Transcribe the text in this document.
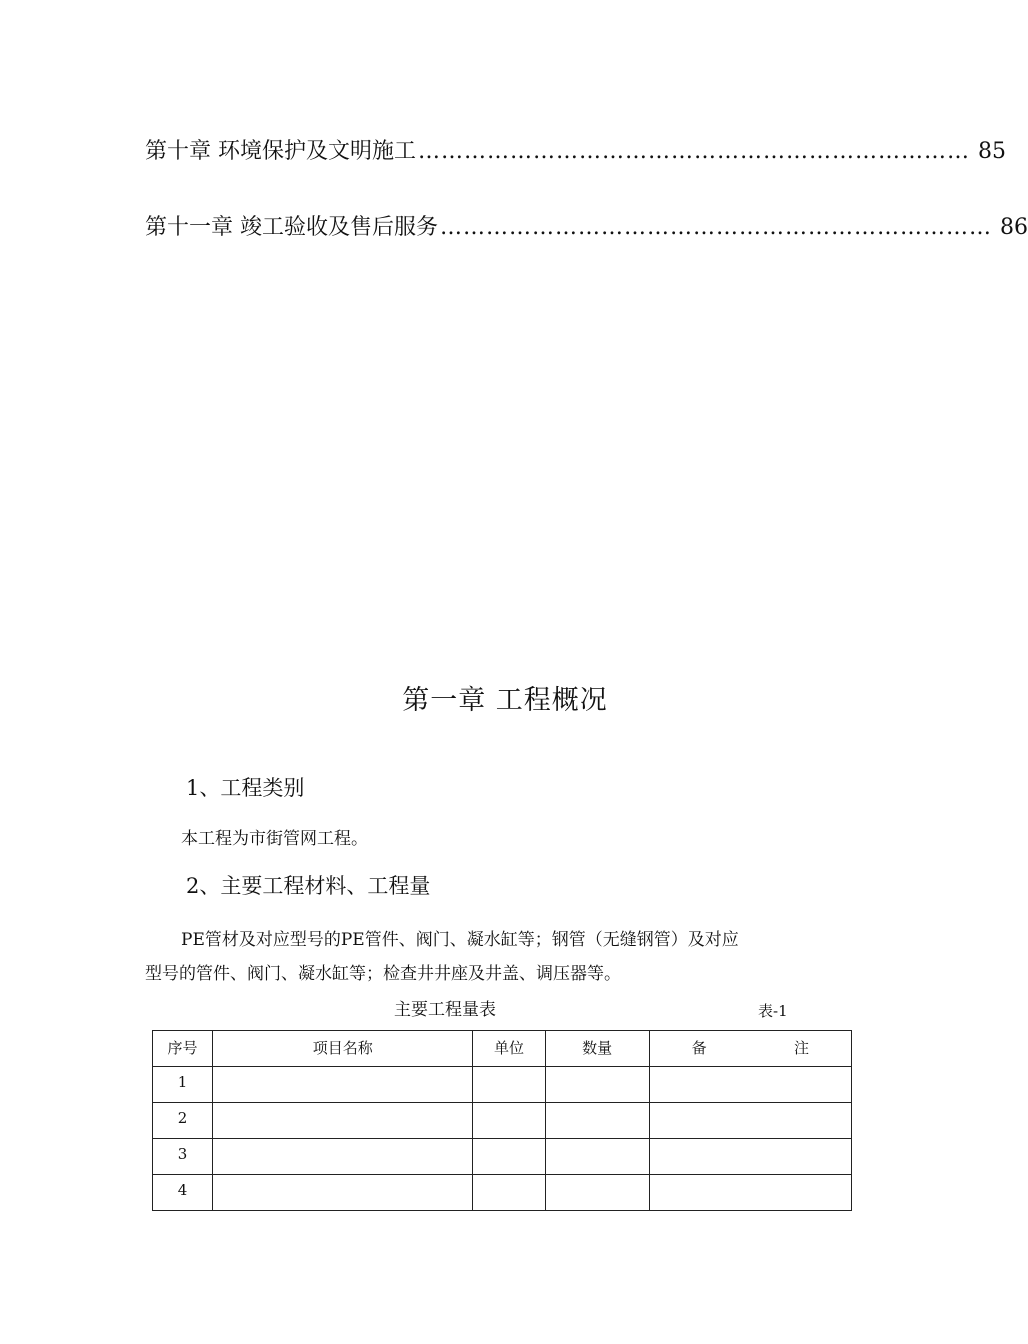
第十章 环境保护及文明施工 ……………………………………………………………… 85
第十一章 竣工验收及售后服务 ……………………………………………………………… 86
第一章 工程概况
1、工程类别
本工程为市街管网工程。
2、主要工程材料、工程量
PE管材及对应型号的PE管件、阀门、凝水缸等；钢管（无缝钢管）及对应
型号的管件、阀门、凝水缸等；检查井井座及井盖、调压器等。
主要工程量表	表-1
序号	项目名称	单位	数量	备 注

1				
2				
3				
4				
